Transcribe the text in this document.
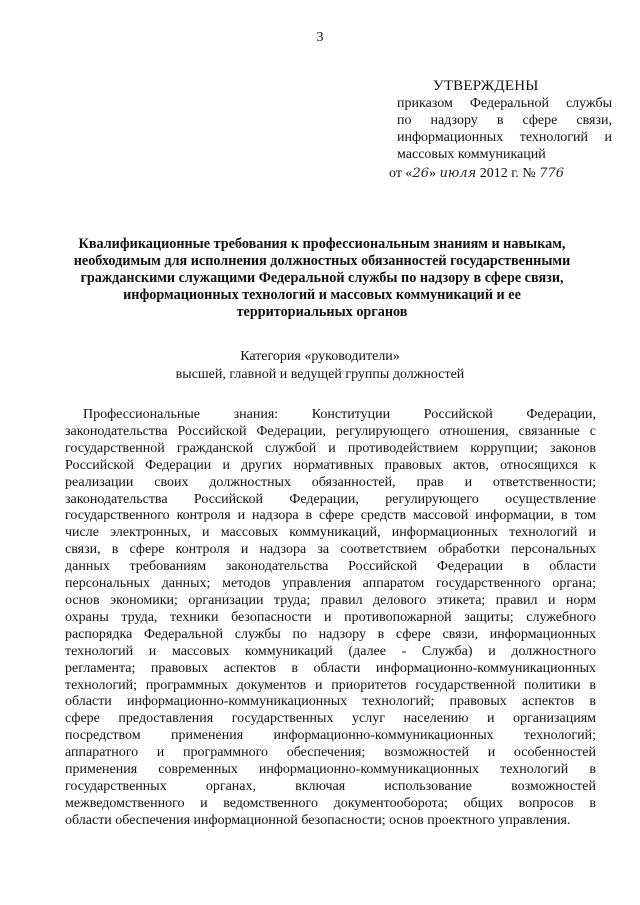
3
УТВЕРЖДЕНЫ
приказом Федеральной службы
по надзору в сфере связи,
информационных технологий и
массовых коммуникаций
от «26» июля 2012 г. № 776
Квалификационные требования к профессиональным знаниям и навыкам,
необходимым для исполнения должностных обязанностей государственными
гражданскими служащими Федеральной службы по надзору в сфере связи,
информационных технологий и массовых коммуникаций и ее
территориальных органов
Категория «руководители»
высшей, главной и ведущей группы должностей
Профессиональные знания: Конституции Российской Федерации,
законодательства Российской Федерации, регулирующего отношения, связанные с
государственной гражданской службой и противодействием коррупции; законов
Российской Федерации и других нормативных правовых актов, относящихся к
реализации своих должностных обязанностей, прав и ответственности;
законодательства Российской Федерации, регулирующего осуществление
государственного контроля и надзора в сфере средств массовой информации, в том
числе электронных, и массовых коммуникаций, информационных технологий и
связи, в сфере контроля и надзора за соответствием обработки персональных
данных требованиям законодательства Российской Федерации в области
персональных данных; методов управления аппаратом государственного органа;
основ экономики; организации труда; правил делового этикета; правил и норм
охраны труда, техники безопасности и противопожарной защиты; служебного
распорядка Федеральной службы по надзору в сфере связи, информационных
технологий и массовых коммуникаций (далее - Служба) и должностного
регламента; правовых аспектов в области информационно-коммуникационных
технологий; программных документов и приоритетов государственной политики в
области информационно-коммуникационных технологий; правовых аспектов в
сфере предоставления государственных услуг населению и организациям
посредством применения информационно-коммуникационных технологий;
аппаратного и программного обеспечения; возможностей и особенностей
применения современных информационно-коммуникационных технологий в
государственных органах, включая использование возможностей
межведомственного и ведомственного документооборота; общих вопросов в
области обеспечения информационной безопасности; основ проектного управления.
